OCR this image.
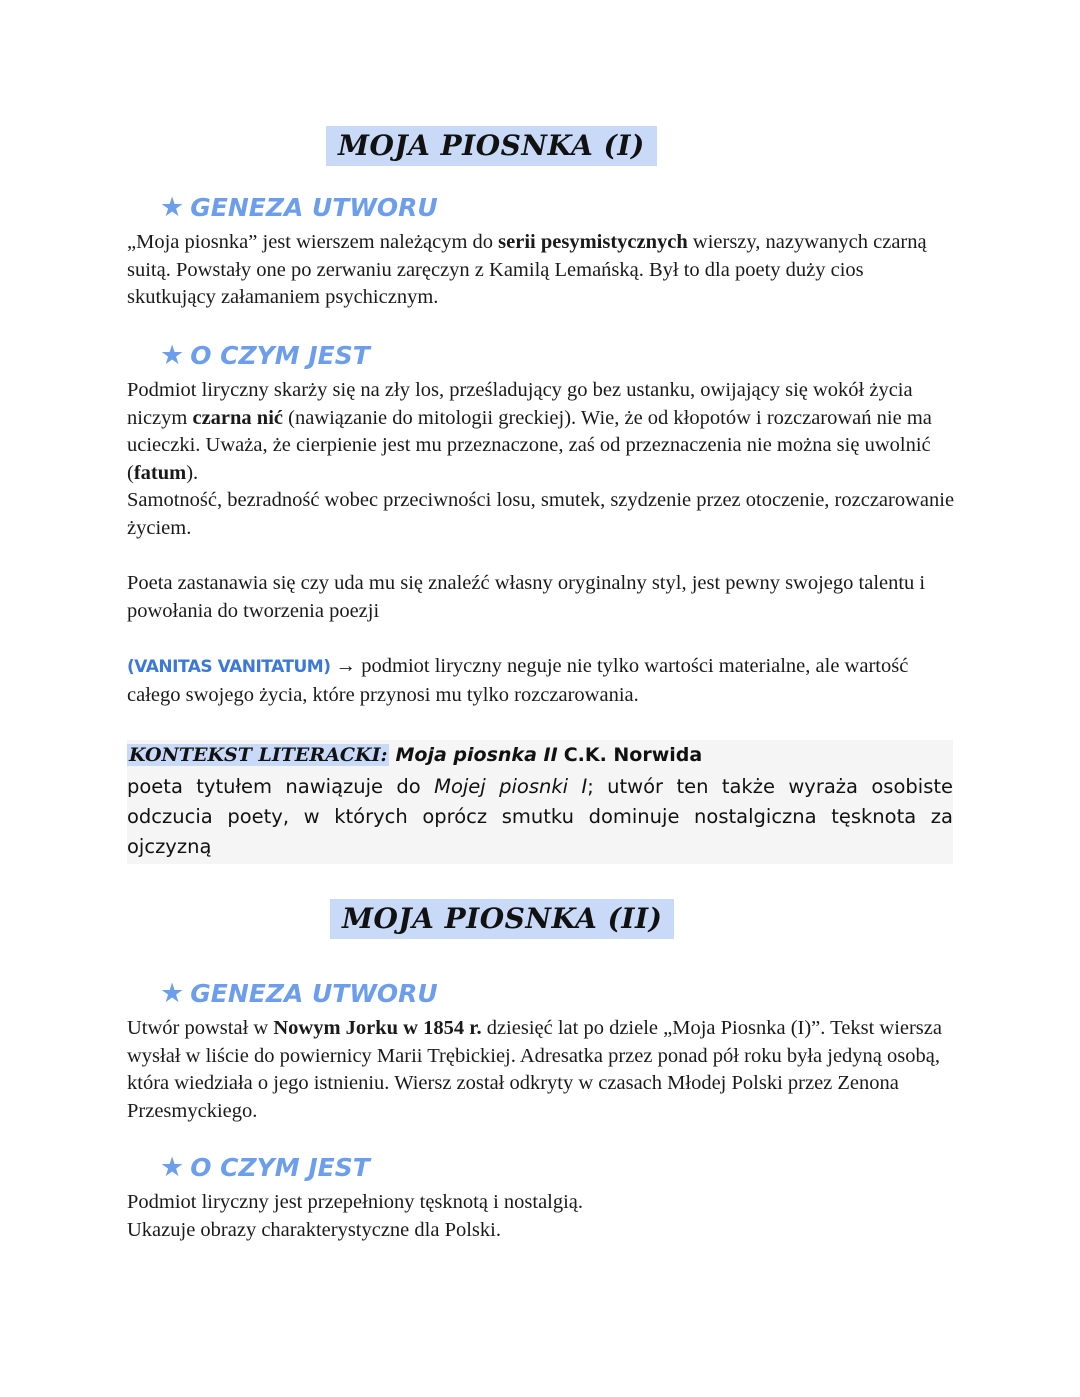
MOJA PIOSNKA (I)
★ GENEZA UTWORU
„Moja piosnka” jest wierszem należącym do serii pesymistycznych wierszy, nazywanych czarną suitą. Powstały one po zerwaniu zaręczyn z Kamilą Lemańską. Był to dla poety duży cios skutkujący załamaniem psychicznym.
★ O CZYM JEST
Podmiot liryczny skarży się na zły los, prześladujący go bez ustanku, owijający się wokół życia niczym czarna nić (nawiązanie do mitologii greckiej). Wie, że od kłopotów i rozczarowań nie ma ucieczki. Uważa, że cierpienie jest mu przeznaczone, zaś od przeznaczenia nie można się uwolnić (fatum).
Samotność, bezradność wobec przeciwności losu, smutek, szydzenie przez otoczenie, rozczarowanie życiem.
Poeta zastanawia się czy uda mu się znaleźć własny oryginalny styl, jest pewny swojego talentu i powołania do tworzenia poezji
(VANITAS VANITATUM) → podmiot liryczny neguje nie tylko wartości materialne, ale wartość całego swojego życia, które przynosi mu tylko rozczarowania.
KONTEKST LITERACKI: Moja piosnka II C.K. Norwida
poeta tytułem nawiązuje do Mojej piosnki I; utwór ten także wyraża osobiste odczucia poety, w których oprócz smutku dominuje nostalgiczna tęsknota za ojczyzną
MOJA PIOSNKA (II)
★ GENEZA UTWORU
Utwór powstał w Nowym Jorku w 1854 r. dziesięć lat po dziele „Moja Piosnka (I)”. Tekst wiersza wysłał w liście do powiernicy Marii Trębickiej. Adresatka przez ponad pół roku była jedyną osobą, która wiedziała o jego istnieniu. Wiersz został odkryty w czasach Młodej Polski przez Zenona Przesmyckiego.
★ O CZYM JEST
Podmiot liryczny jest przepełniony tęsknotą i nostalgią.
Ukazuje obrazy charakterystyczne dla Polski.
